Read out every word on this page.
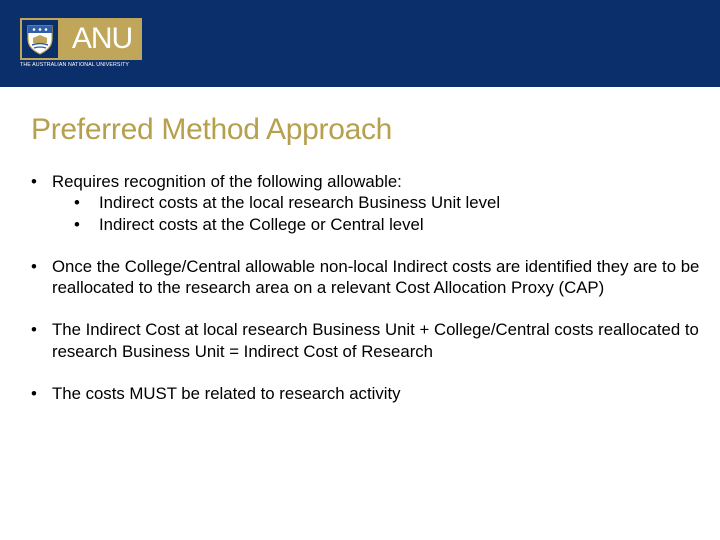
ANU
THE AUSTRALIAN NATIONAL UNIVERSITY
Preferred Method Approach
• Requires recognition of the following allowable:
• Indirect costs at the local research Business Unit level
• Indirect costs at the College or Central level
• Once the College/Central allowable non-local Indirect costs are identified they are to be reallocated to the research area on a relevant Cost Allocation Proxy (CAP)
• The Indirect Cost at local research Business Unit + College/Central costs reallocated to research Business Unit = Indirect Cost of Research
• The costs MUST be related to research activity
